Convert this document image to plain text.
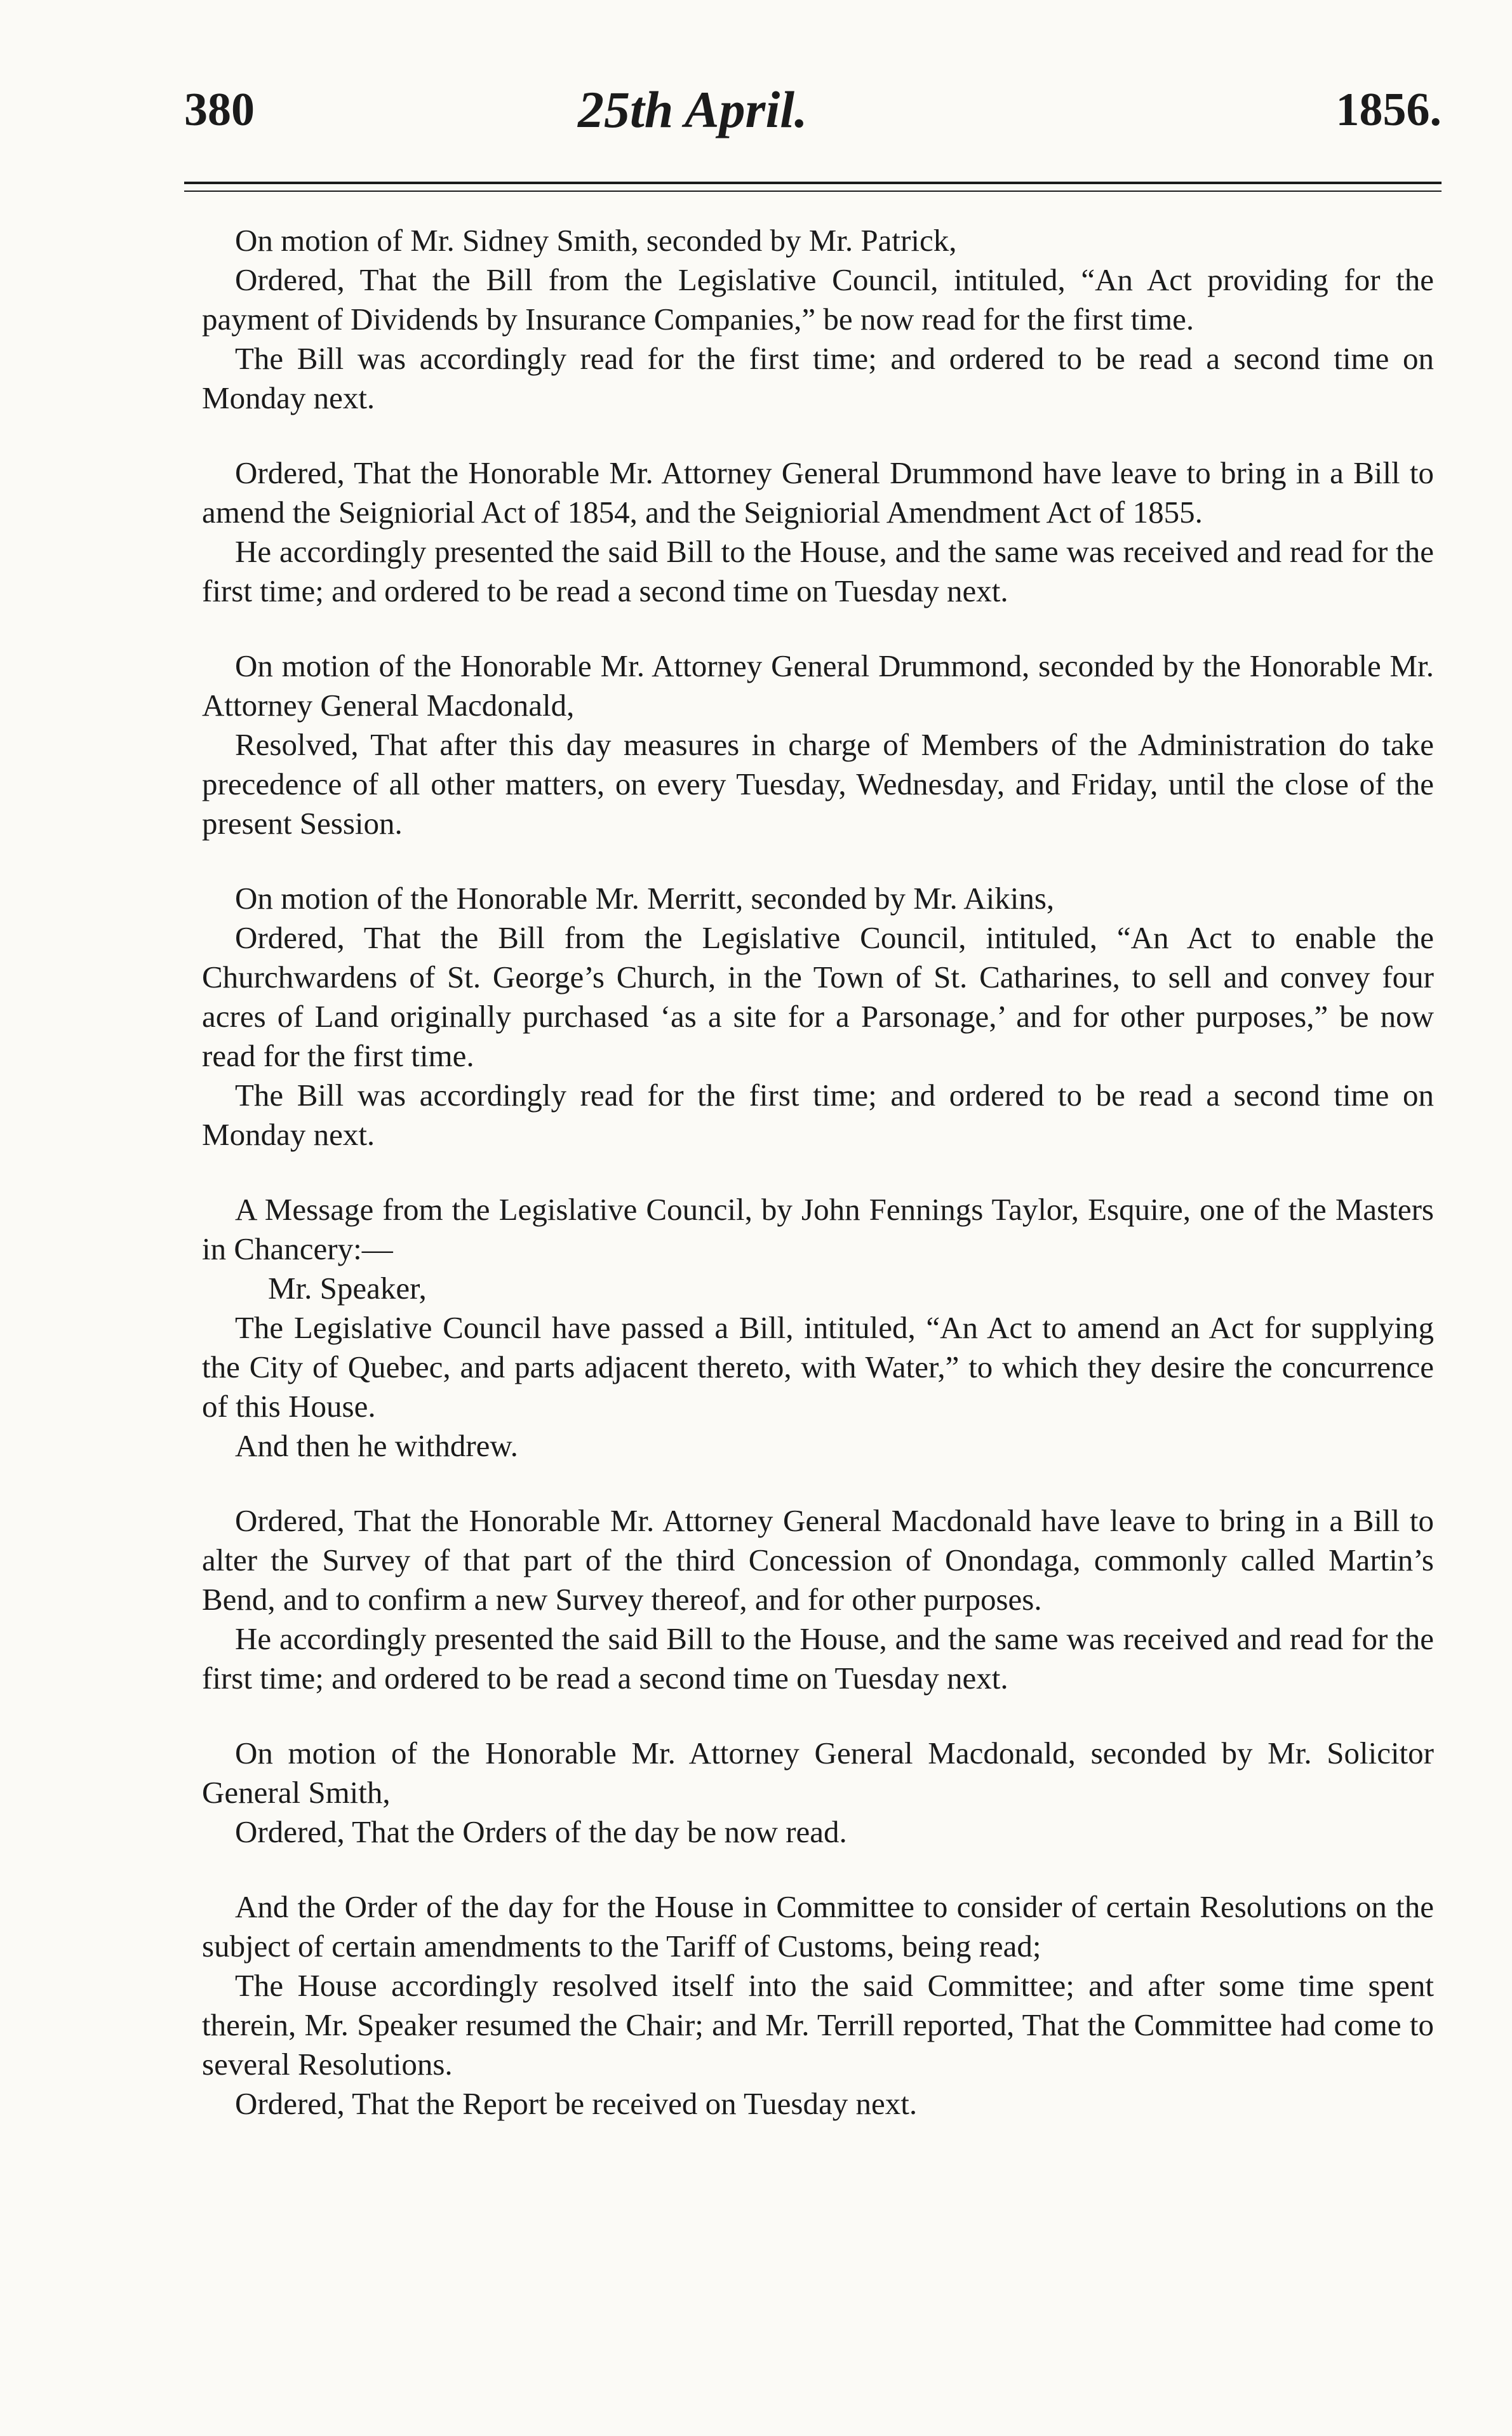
380	25th April.	1856.

On motion of Mr. Sidney Smith, seconded by Mr. Patrick,

Ordered, That the Bill from the Legislative Council, intituled, “An Act providing for the payment of Dividends by Insurance Companies,” be now read for the first time.

The Bill was accordingly read for the first time; and ordered to be read a second time on Monday next.

Ordered, That the Honorable Mr. Attorney General Drummond have leave to bring in a Bill to amend the Seigniorial Act of 1854, and the Seigniorial Amendment Act of 1855.

He accordingly presented the said Bill to the House, and the same was received and read for the first time; and ordered to be read a second time on Tuesday next.

On motion of the Honorable Mr. Attorney General Drummond, seconded by the Honorable Mr. Attorney General Macdonald,

Resolved, That after this day measures in charge of Members of the Administration do take precedence of all other matters, on every Tuesday, Wednesday, and Friday, until the close of the present Session.

On motion of the Honorable Mr. Merritt, seconded by Mr. Aikins,

Ordered, That the Bill from the Legislative Council, intituled, “An Act to enable the Churchwardens of St. George’s Church, in the Town of St. Catharines, to sell and convey four acres of Land originally purchased ‘as a site for a Parsonage,’ and for other purposes,” be now read for the first time.

The Bill was accordingly read for the first time; and ordered to be read a second time on Monday next.

A Message from the Legislative Council, by John Fennings Taylor, Esquire, one of the Masters in Chancery:—

Mr. Speaker,

The Legislative Council have passed a Bill, intituled, “An Act to amend an Act for supplying the City of Quebec, and parts adjacent thereto, with Water,” to which they desire the concurrence of this House.

And then he withdrew.

Ordered, That the Honorable Mr. Attorney General Macdonald have leave to bring in a Bill to alter the Survey of that part of the third Concession of Onondaga, commonly called Martin’s Bend, and to confirm a new Survey thereof, and for other purposes.

He accordingly presented the said Bill to the House, and the same was received and read for the first time; and ordered to be read a second time on Tuesday next.

On motion of the Honorable Mr. Attorney General Macdonald, seconded by Mr. Solicitor General Smith,

Ordered, That the Orders of the day be now read.

And the Order of the day for the House in Committee to consider of certain Resolutions on the subject of certain amendments to the Tariff of Customs, being read;

The House accordingly resolved itself into the said Committee; and after some time spent therein, Mr. Speaker resumed the Chair; and Mr. Terrill reported, That the Committee had come to several Resolutions.

Ordered, That the Report be received on Tuesday next.
